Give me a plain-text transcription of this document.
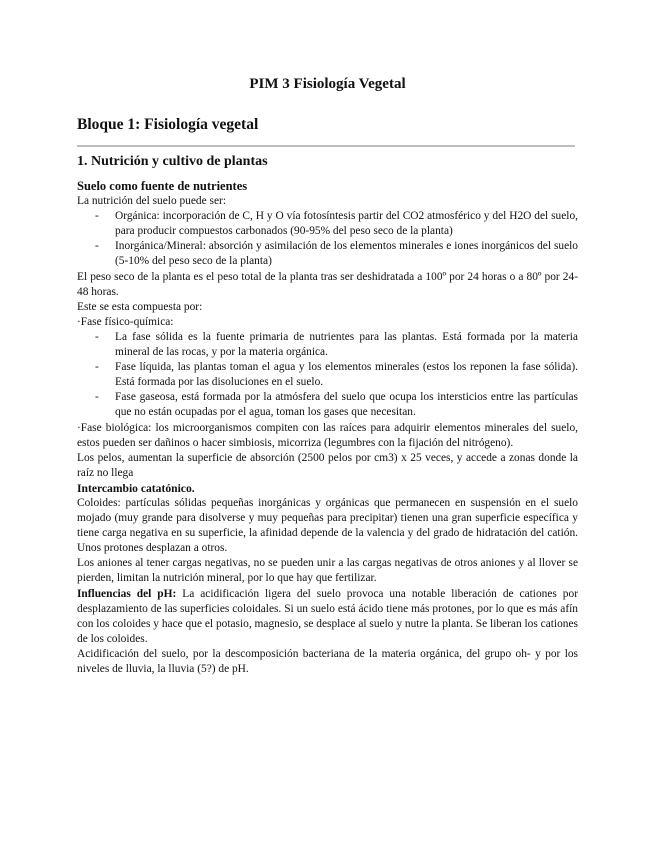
PIM 3 Fisiología Vegetal
Bloque 1: Fisiología vegetal
1. Nutrición y cultivo de plantas

Suelo como fuente de nutrientes

La nutrición del suelo puede ser:

- Orgánica: incorporación de C, H y O vía fotosíntesis partir del CO2 atmosférico y del H2O del suelo, para producir compuestos carbonados (90-95% del peso seco de la planta)
- Inorgánica/Mineral: absorción y asimilación de los elementos minerales e iones inorgánicos del suelo (5-10% del peso seco de la planta)

El peso seco de la planta es el peso total de la planta tras ser deshidratada a 100º por 24 horas o a 80º por 24-48 horas.

Este se esta compuesta por:

·Fase físico-química:

- La fase sólida es la fuente primaria de nutrientes para las plantas. Está formada por la materia mineral de las rocas, y por la materia orgánica.
- Fase líquida, las plantas toman el agua y los elementos minerales (estos los reponen la fase sólida). Está formada por las disoluciones en el suelo.
- Fase gaseosa, está formada por la atmósfera del suelo que ocupa los intersticios entre las partículas que no están ocupadas por el agua, toman los gases que necesitan.

·Fase biológica: los microorganismos compiten con las raíces para adquirir elementos minerales del suelo, estos pueden ser dañinos o hacer simbiosis, micorriza (legumbres con la fijación del nitrógeno).

Los pelos, aumentan la superficie de absorción (2500 pelos por cm3) x 25 veces, y accede a zonas donde la raíz no llega

Intercambio catatónico.

Coloides: partículas sólidas pequeñas inorgánicas y orgánicas que permanecen en suspensión en el suelo mojado (muy grande para disolverse y muy pequeñas para precipitar) tienen una gran superficie específica y tiene carga negativa en su superficie, la afinidad depende de la valencia y del grado de hidratación del catión. Unos protones desplazan a otros.

Los aniones al tener cargas negativas, no se pueden unir a las cargas negativas de otros aniones y al llover se pierden, limitan la nutrición mineral, por lo que hay que fertilizar.

Influencias del pH: La acidificación ligera del suelo provoca una notable liberación de cationes por desplazamiento de las superficies coloidales. Si un suelo está ácido tiene más protones, por lo que es más afín con los coloides y hace que el potasio, magnesio, se desplace al suelo y nutre la planta. Se liberan los cationes de los coloides.

Acidificación del suelo, por la descomposición bacteriana de la materia orgánica, del grupo oh- y por los niveles de lluvia, la lluvia (5?) de pH.
